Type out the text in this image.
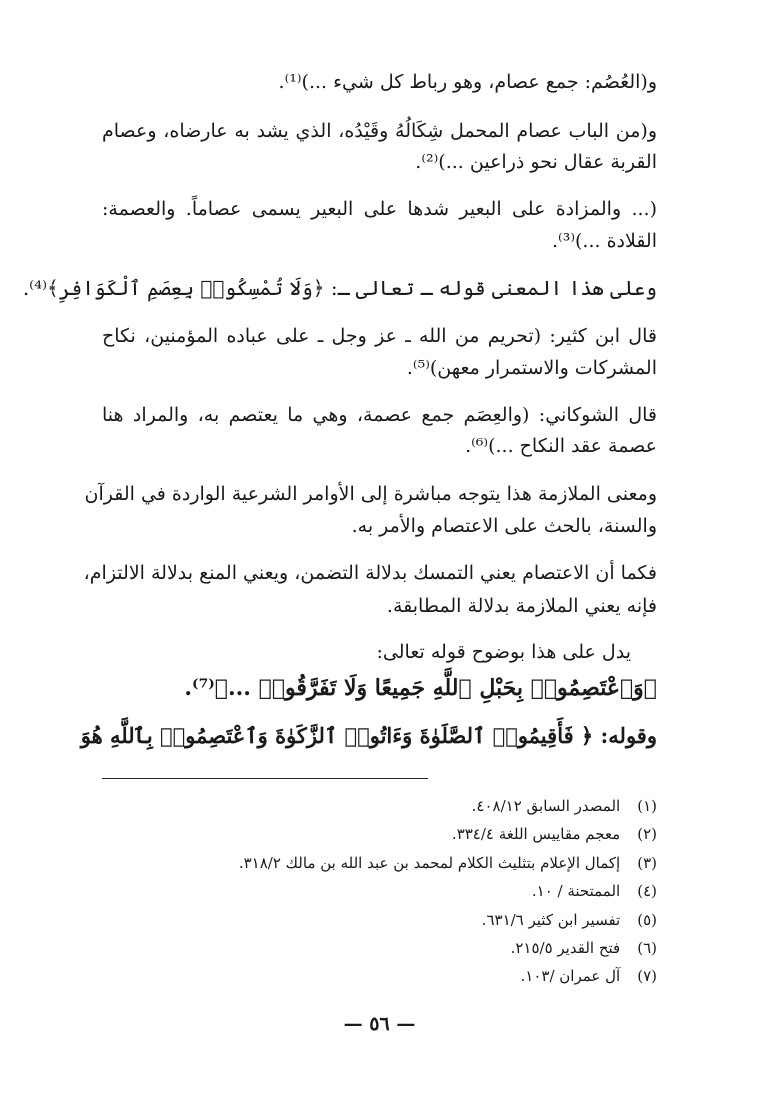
و(العُصُم: جمع عصام، وهو رباط كل شيء ...)⁽¹⁾.
و(من الباب عصام المحمل شِكَالُهُ وقَيْدُه، الذي يشد به عارضاه، وعصام
القربة عقال نحو ذراعين ...)⁽²⁾.
(... والمزادة على البعير شدها على البعير يسمى عصاماً. والعصمة:
القلادة ...)⁽³⁾.
وعلى هذا المعنى قوله ـ تعالى ـ: ﴿وَلَا تُمْسِكُوا۟ بِعِصَمِ ٱلْكَوَافِرِ﴾⁽⁴⁾.
قال ابن كثير: (تحريم من الله ـ عز وجل ـ على عباده المؤمنين، نكاح
المشركات والاستمرار معهن)⁽⁵⁾.
قال الشوكاني: (والعِصَم جمع عصمة، وهي ما يعتصم به، والمراد هنا
عصمة عقد النكاح ...)⁽⁶⁾.
ومعنى الملازمة هذا يتوجه مباشرة إلى الأوامر الشرعية الواردة في القرآن
والسنة، بالحث على الاعتصام والأمر به.
فكما أن الاعتصام يعني التمسك بدلالة التضمن، ويعني المنع بدلالة الالتزام،
فإنه يعني الملازمة بدلالة المطابقة.
يدل على هذا بوضوح قوله تعالى:
﴿وَٱعْتَصِمُوا۟ بِحَبْلِ ٱللَّهِ جَمِيعًا وَلَا تَفَرَّقُوا۟ ...﴾⁽⁷⁾.
وقوله: ﴿ فَأَقِيمُوا۟ ٱلصَّلَوٰةَ وَءَاتُوا۟ ٱلزَّكَوٰةَ وَٱعْتَصِمُوا۟ بِٱللَّهِ هُوَ
(١) المصدر السابق ٤٠٨/١٢.
(٢) معجم مقاييس اللغة ٣٣٤/٤.
(٣) إكمال الإعلام بتثليث الكلام لمحمد بن عبد الله بن مالك ٣١٨/٢.
(٤) الممتحنة / ١٠.
(٥) تفسير ابن كثير ٦٣١/٦.
(٦) فتح القدير ٢١٥/٥.
(٧) آل عمران /١٠٣.
— ٥٦ —
